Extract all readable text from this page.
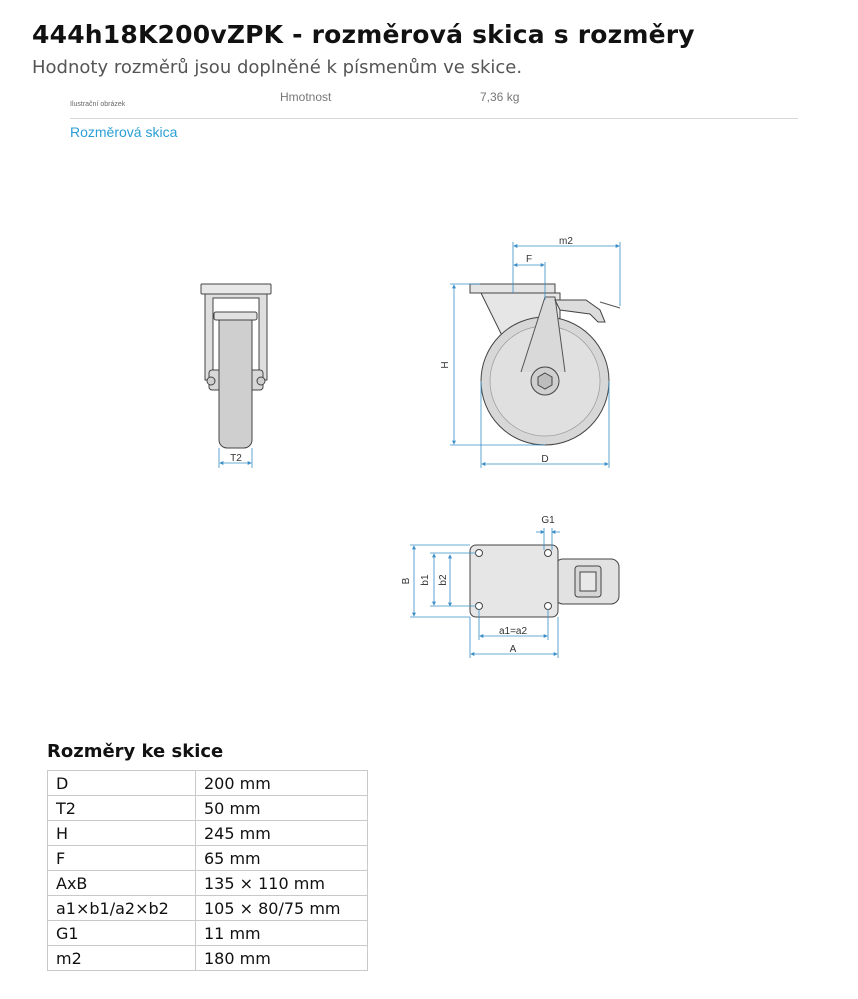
444h18K200vZPK - rozměrová skica s rozměry
Hodnoty rozměrů jsou doplněné k písmenům ve skice.
Ilustrační obrázek
Hmotnost	7,36 kg
Rozměrová skica
T2
m2
F
H
D
G1
B b1 b2
a1=a2
A
Rozměry ke skice
D	200 mm
T2	50 mm
H	245 mm
F	65 mm
AxB	135 × 110 mm
a1×b1/a2×b2	105 × 80/75 mm
G1	11 mm
m2	180 mm
